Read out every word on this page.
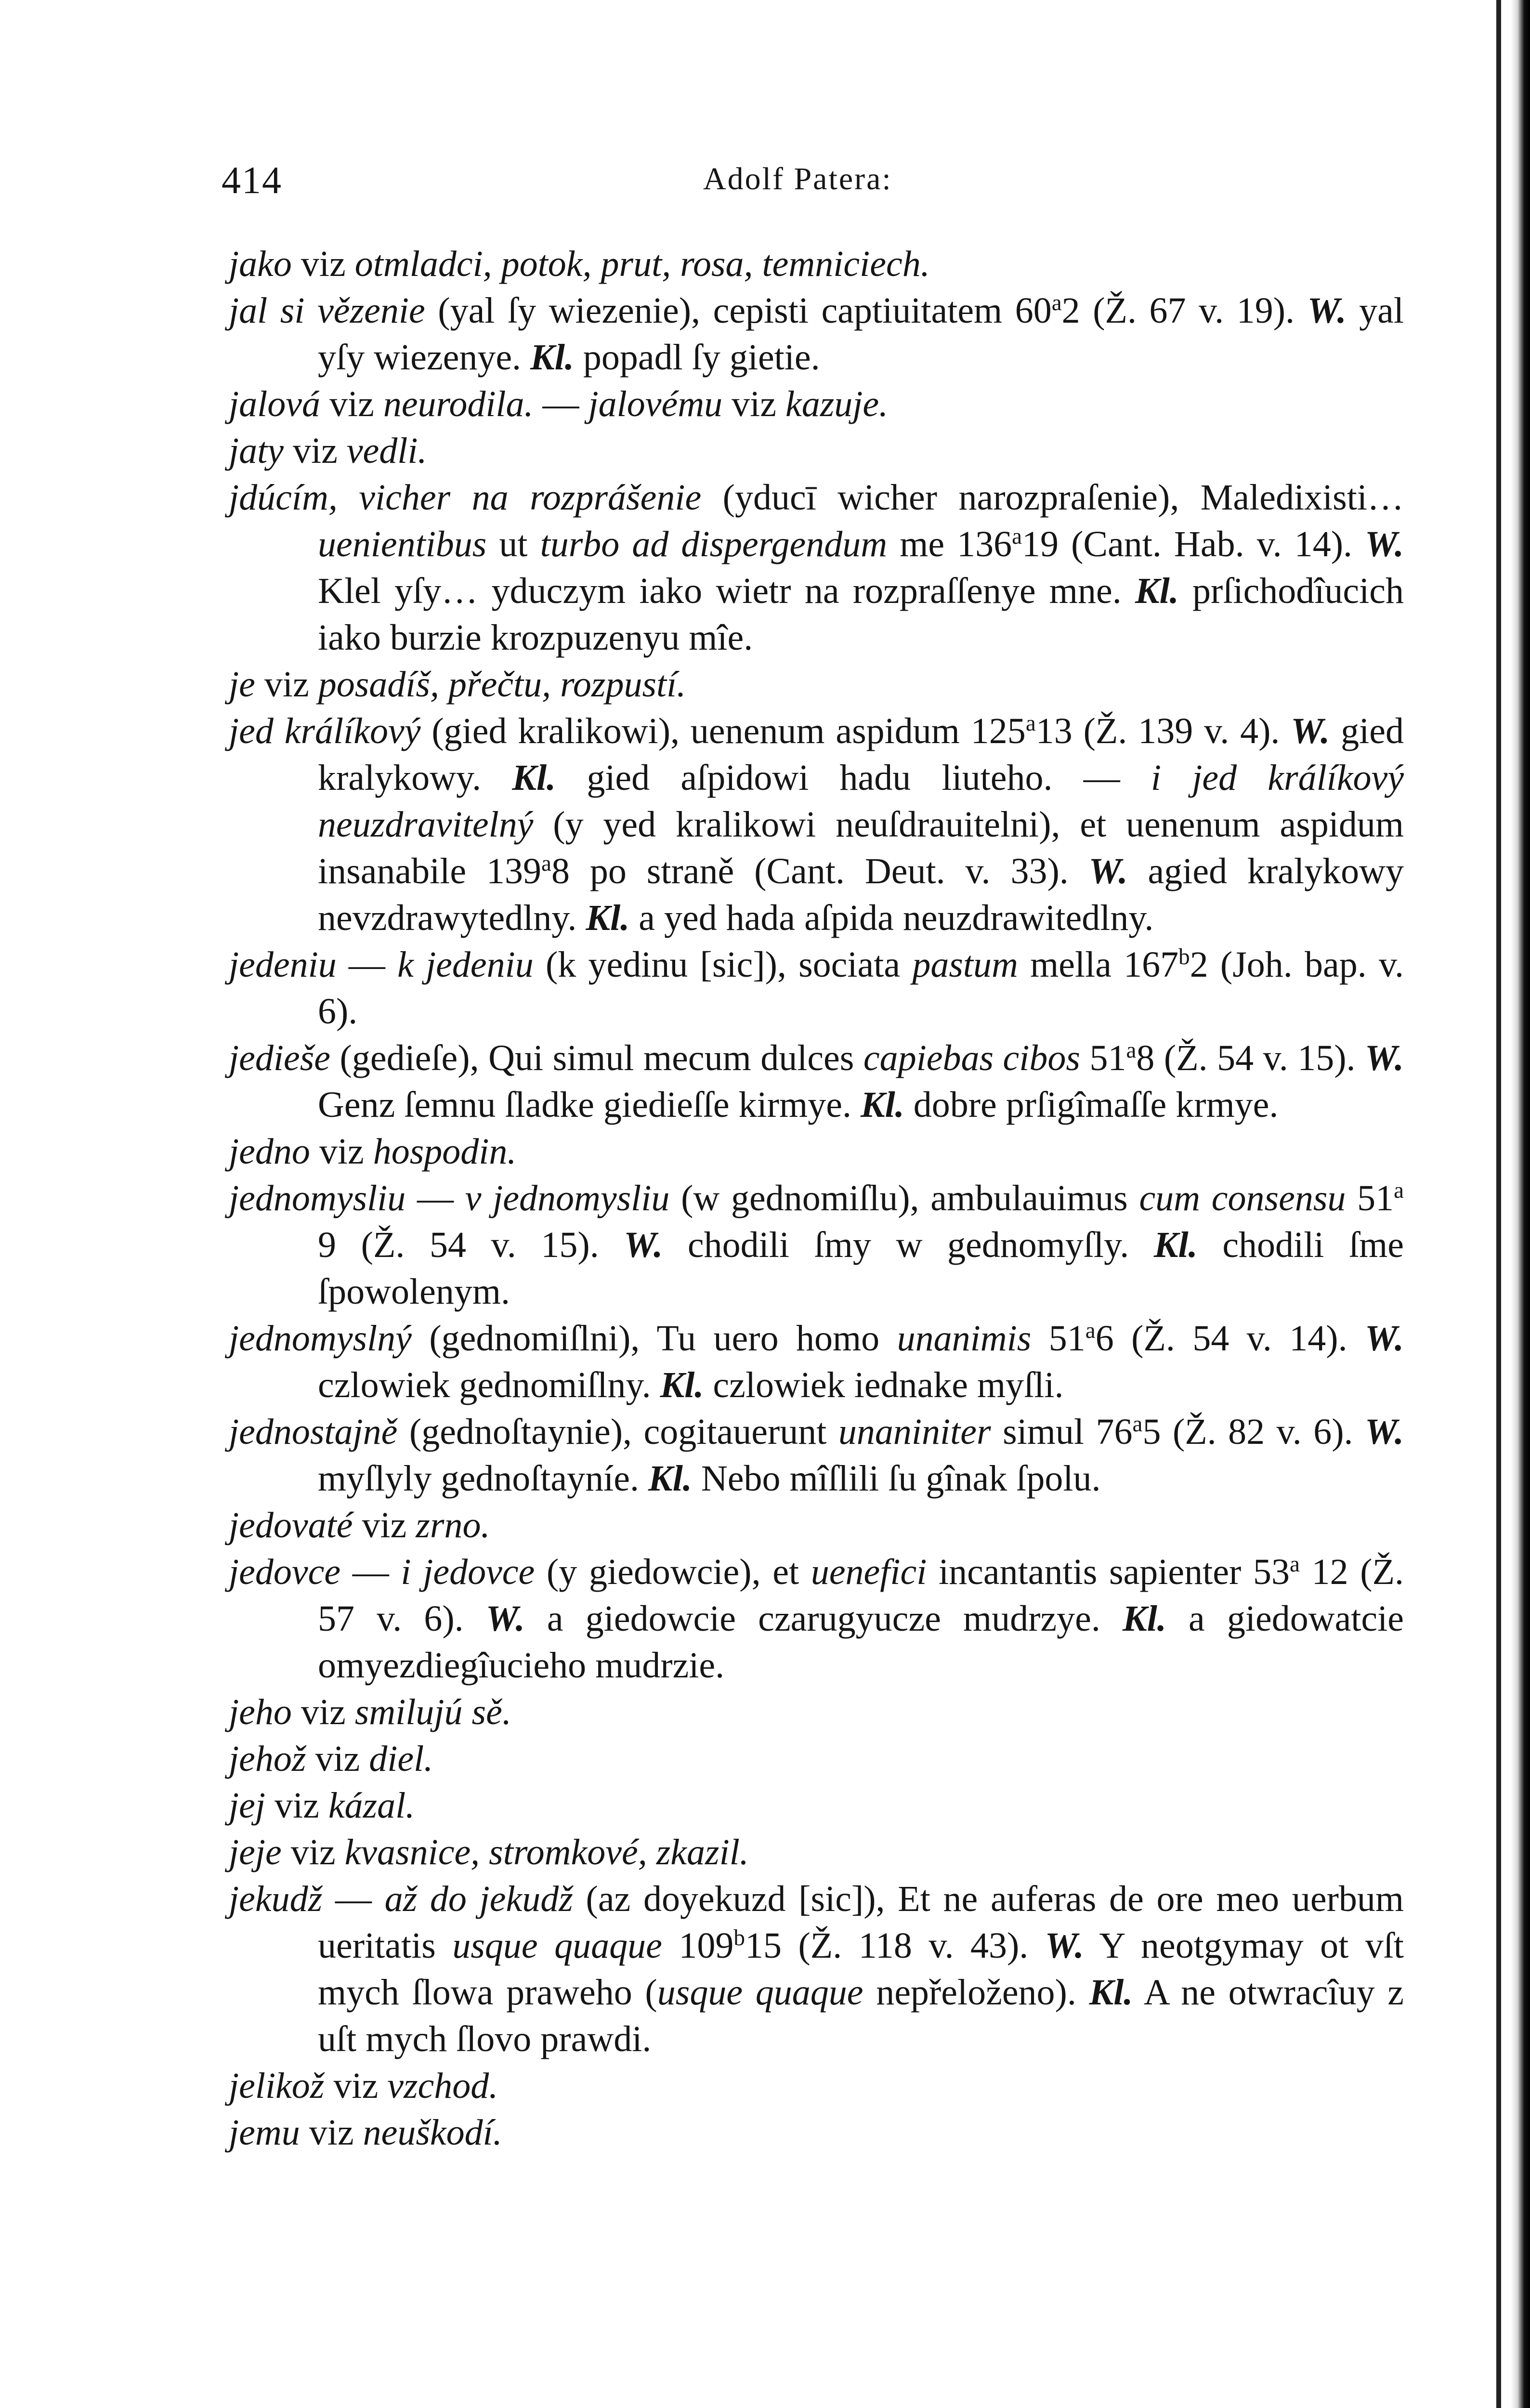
414	Adolf Patera:

jako viz otmladci, potok, prut, rosa, temniciech.

jal si vězenie (yal ſy wiezenie), cepisti captiuitatem 60$^a$2 (Ž. 67 v. 19). W. yal yſy wiezenye. Kl. popadl ſy gietie.

jalová viz neurodila. — jalovému viz kazuje.

jaty viz vedli.

jdúcím, vicher na rozprášenie (yducī wicher narozpraſenie), Maledixisti… uenientibus ut turbo ad dispergendum me 136$^a$19 (Cant. Hab. v. 14). W. Klel yſy… yduczym iako wietr na rozpraſſenye mne. Kl. prſichodîucich iako burzie krozpuzenyu mîe.

je viz posadíš, přečtu, rozpustí.

jed králíkový (gied kralikowi), uenenum aspidum 125$^a$13 (Ž. 139 v. 4). W. gied kralykowy. Kl. gied aſpidowi hadu liuteho. — i jed králíkový neuzdravitelný (y yed kralikowi neuſdrauitelni), et uenenum aspidum insanabile 139$^a$8 po straně (Cant. Deut. v. 33). W. agied kralykowy nevzdrawytedlny. Kl. a yed hada aſpida neuzdrawitedlny.

jedeniu — k jedeniu (k yedinu [sic]), sociata pastum mella 167$^b$2 (Joh. bap. v. 6).

jedieše (gedieſe), Qui simul mecum dulces capiebas cibos 51$^a$8 (Ž. 54 v. 15). W. Genz ſemnu ſladke giedieſſe kirmye. Kl. dobre prſigîmaſſe krmye.

jedno viz hospodin.

jednomysliu — v jednomysliu (w gednomiſlu), ambulauimus cum consensu 51$^a$ 9 (Ž. 54 v. 15). W. chodili ſmy w gednomyſly. Kl. chodili ſme ſpowolenym.

jednomyslný (gednomiſlni), Tu uero homo unanimis 51$^a$6 (Ž. 54 v. 14). W. czlowiek gednomiſlny. Kl. czlowiek iednake myſli.

jednostajně (gednoſtaynie), cogitauerunt unaniniter simul 76$^a$5 (Ž. 82 v. 6). W. myſlyly gednoſtayníe. Kl. Nebo mîſlili ſu gînak ſpolu.

jedovaté viz zrno.

jedovce — i jedovce (y giedowcie), et uenefici incantantis sapienter 53$^a$ 12 (Ž. 57 v. 6). W. a giedowcie czarugyucze mudrzye. Kl. a giedowatcie omyezdiegîucieho mudrzie.

jeho viz smilujú sě.

jehož viz diel.

jej viz kázal.

jeje viz kvasnice, stromkové, zkazil.

jekudž — až do jekudž (az doyekuzd [sic]), Et ne auferas de ore meo uerbum ueritatis usque quaque 109$^b$15 (Ž. 118 v. 43). W. Y neotgymay ot vſt mych ſlowa praweho (usque quaque nepřeloženo). Kl. A ne otwracîuy z uſt mych ſlovo prawdi.

jelikož viz vzchod.

jemu viz neuškodí.
